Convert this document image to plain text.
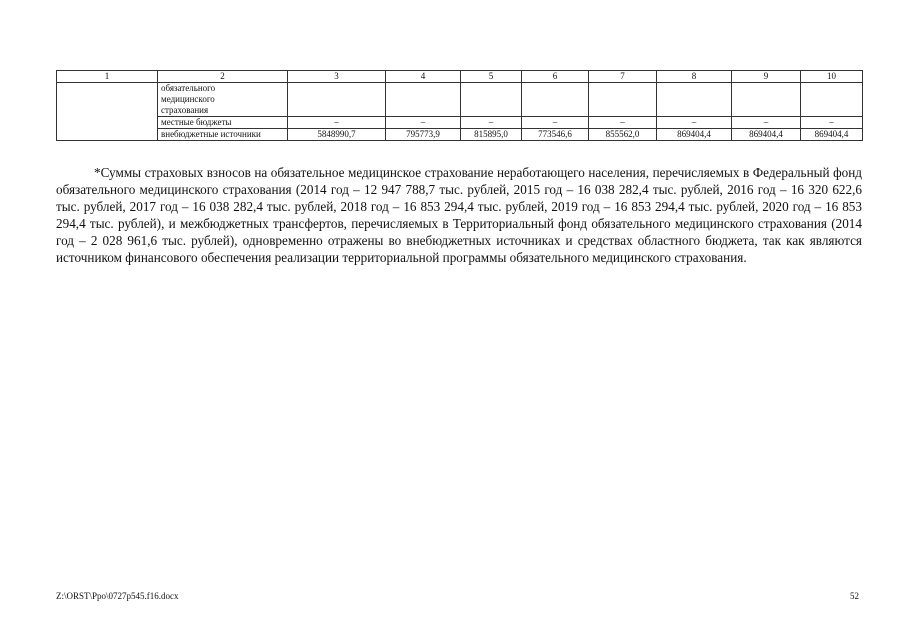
1	2	3	4	5	6	7	8	9	10
	обязательного
медицинского
страхования								
	местные бюджеты	–	–	–	–	–	–	–	–
	внебюджетные источники	5848990,7	795773,9	815895,0	773546,6	855562,0	869404,4	869404,4	869404,4

*Суммы страховых взносов на обязательное медицинское страхование неработающего населения, перечисляемых в Федеральный фонд обязательного медицинского страхования (2014 год – 12 947 788,7 тыс. рублей, 2015 год – 16 038 282,4 тыс. рублей, 2016 год – 16 320 622,6 тыс. рублей, 2017 год – 16 038 282,4 тыс. рублей, 2018 год – 16 853 294,4 тыс. рублей, 2019 год – 16 853 294,4 тыс. рублей, 2020 год – 16 853 294,4 тыс. рублей), и межбюджетных трансфертов, перечисляемых в Территориальный фонд обязательного медицинского страхования (2014 год – 2 028 961,6 тыс. рублей), одновременно отражены во внебюджетных источниках и средствах областного бюджета, так как являются источником финансового обеспечения реализации территориальной программы обязательного медицинского страхования.

Z:\ORST\Ppo\0727p545.f16.docx	52
